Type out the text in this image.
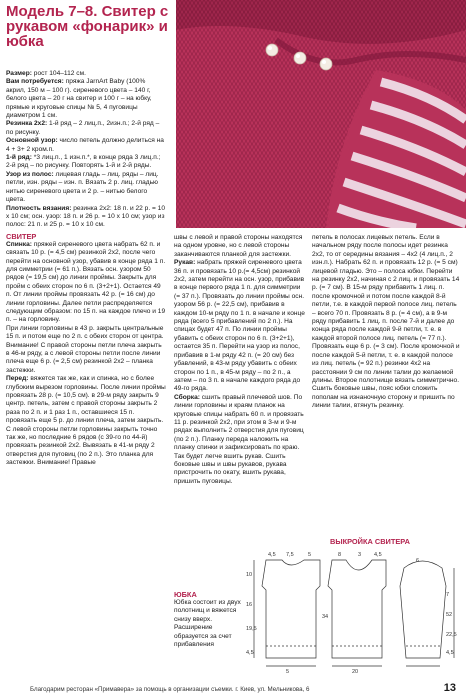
Модель 7–8. Свитер с рукавом «фонарик» и юбка

Размер: рост 104–112 см.

Вам потребуется: пряжа JarnArt Baby (100% акрил, 150 м – 100 г). сиреневого цвета – 140 г, белого цвета – 20 г на свитер и 100 г – на юбку, прямые и круговые спицы № 5, 4 пуговицы диаметром 1 см.

Резинка 2х2: 1-й ряд – 2 лиц.п., 2изн.п.; 2-й ряд – по рисунку.

Основной узор: число петель должно делиться на 4 + 3+ 2 кром.п.

1-й ряд: *3 лиц.п., 1 изн.п.*, в конце ряда 3 лиц.п.; 2-й ряд – по рисунку. Повторять 1-й и 2-й ряды.

Узор из полос: лицевая гладь – лиц. ряды – лиц. петли, изн. ряды – изн. п. Вязать 2 р. лиц. гладью нитью сиреневого цвета и 2 р. – нитью белого цвета.

Плотность вязания: резинка 2х2: 18 п. и 22 р. = 10 х 10 см; осн. узор: 18 п. и 26 р. = 10 х 10 см; узор из полос: 21 п. и 25 р. = 10 х 10 см.

СВИТЕР

Спинка: пряжей сиреневого цвета набрать 62 п. и связать 10 р. (= 4,5 см) резинкой 2х2, после чего перейти на основной узор, убавив в конце ряда 1 п. для симметрии (= 61 п.). Вязать осн. узором 50 рядов (= 19,5 см) до линии проймы. Закрыть для пройм с обеих сторон по 6 п. (3+2+1). Остается 49 п. От линии проймы провязать 42 р. (= 16 см) до линии горловины. Далее петли распределяется следующим образом: по 15 п. на каждое плечо и 19 п. – на горловину.

При линии горловины в 43 р. закрыть центральные 15 п. и потом еще по 2 п. с обеих сторон от центра. Внимание! С правой стороны петли плеча закрыть в 46-м ряду, а с левой стороны петли после линии плеча еще 6 р. (= 2,5 см) резинкой 2х2 – планка застежки.

Перед: вяжется так же, как и спинка, но с более глубоким вырезом горловины. После линии проймы провязать 28 р. (= 10,5 см). в 29-м ряду закрыть 9 центр. петель, затем с правой стороны закрыть 2 раза по 2 п. и 1 раз 1 п., оставшиеся 15 п. провязать еще 5 р. до линии плеча, затем закрыть. С левой стороны петли горловины закрыть точно так же, но последние 6 рядов (с 39-го по 44-й) провязать резинкой 2х2. Вывязать в 41-м ряду 2 отверстия для пуговиц (по 2 п.). Это планка для застежки. Внимание! Правые

швы с левой и правой стороны находятся на одном уровне, но с левой стороны заканчиваются планкой для застежки.

Рукав: набрать пряжей сиреневого цвета 36 п. и провязать 10 р.(= 4,5см) резинкой 2х2, затем перейти на осн. узор, прибавив в конце первого ряда 1 п. для симметрии (= 37 п.). Провязать до линии проймы осн. узором 56 р. (= 22,5 см), прибавив в каждом 10-м ряду по 1 п. в начале и конце ряда (всего 5 прибавлений по 2 п.). На спицах будет 47 п. По линии проймы убавить с обеих сторон по 6 п. (3+2+1), остается 35 п. Перейти на узор из полос, прибавив в 1-м ряду 42 п. (= 20 см) без убавлений, в 43-м ряду убавить с обеих сторон по 1 п., в 45-м ряду – по 2 п., а затем – по 3 п. в начале каждого ряда до 49-го ряда.

Сборка: сшить правый плечевой шов. По линии горловины и краям планок на круговые спицы набрать 60 п. и провязать 11 р. резинкой 2х2, при этом в 3-м и 9-м рядах выполнить 2 отверстия для пуговиц (по 2 п.). Планку переда наложить на планку спинки и зафиксировать по краю. Так будет легче вшить рукав. Сшить боковые швы и швы рукавов, рукава пристрочить по окату, вшить рукава, пришить пуговицы.

ЮБКА

Юбка состоит из двух полотнищ и вяжется снизу вверх. Расширение образуется за счет прибавления

петель в полосах лицевых петель. Если в начальном ряду после полосы идет резинка 2х2, то от середины вязания – 4х2 (4 лиц.п., 2 изн.п.). Набрать 62 п. и провязать 12 р. (= 5 см) лицевой гладью. Это – полоса юбки. Перейти на резинку 2х2, начиная с 2 лиц. и провязать 14 р. (= 7 см). В 15-м ряду прибавить 1 лиц. п. после кромочной и потом после каждой 8-й петли, т.е. в каждой первой полосе лиц. петель – всего 70 п. Провязать 8 р. (= 4 см), а в 9-м ряду прибавить 1 лиц. п. после 7-й и далее до конца ряда после каждой 9-й петли, т. е. в каждой второй полосе лиц. петель (= 77 п.). Провязать еще 6 р. (= 3 см). После кромочной и после каждой 5-й петли, т. е. в каждой полосе из лиц. петель (= 92 п.) резинки 4х2 на расстоянии 9 см по линии талии до желаемой длины. Второе полотнище вязать симметрично.

Сшить боковые швы, пояс юбки сложить пополам на изнаночную сторону и пришить по линии талии, втянуть резинку.

ВЫКРОЙКА СВИТЕРА
4,5 7,5	5	8	3 4,5
6
10
16
19,5
4,5
34
7
52
22,5
4,5
5	20
Благодарим ресторан «Примавера» за помощь в организации съемки. г. Киев, ул. Мельникова, 6	13
